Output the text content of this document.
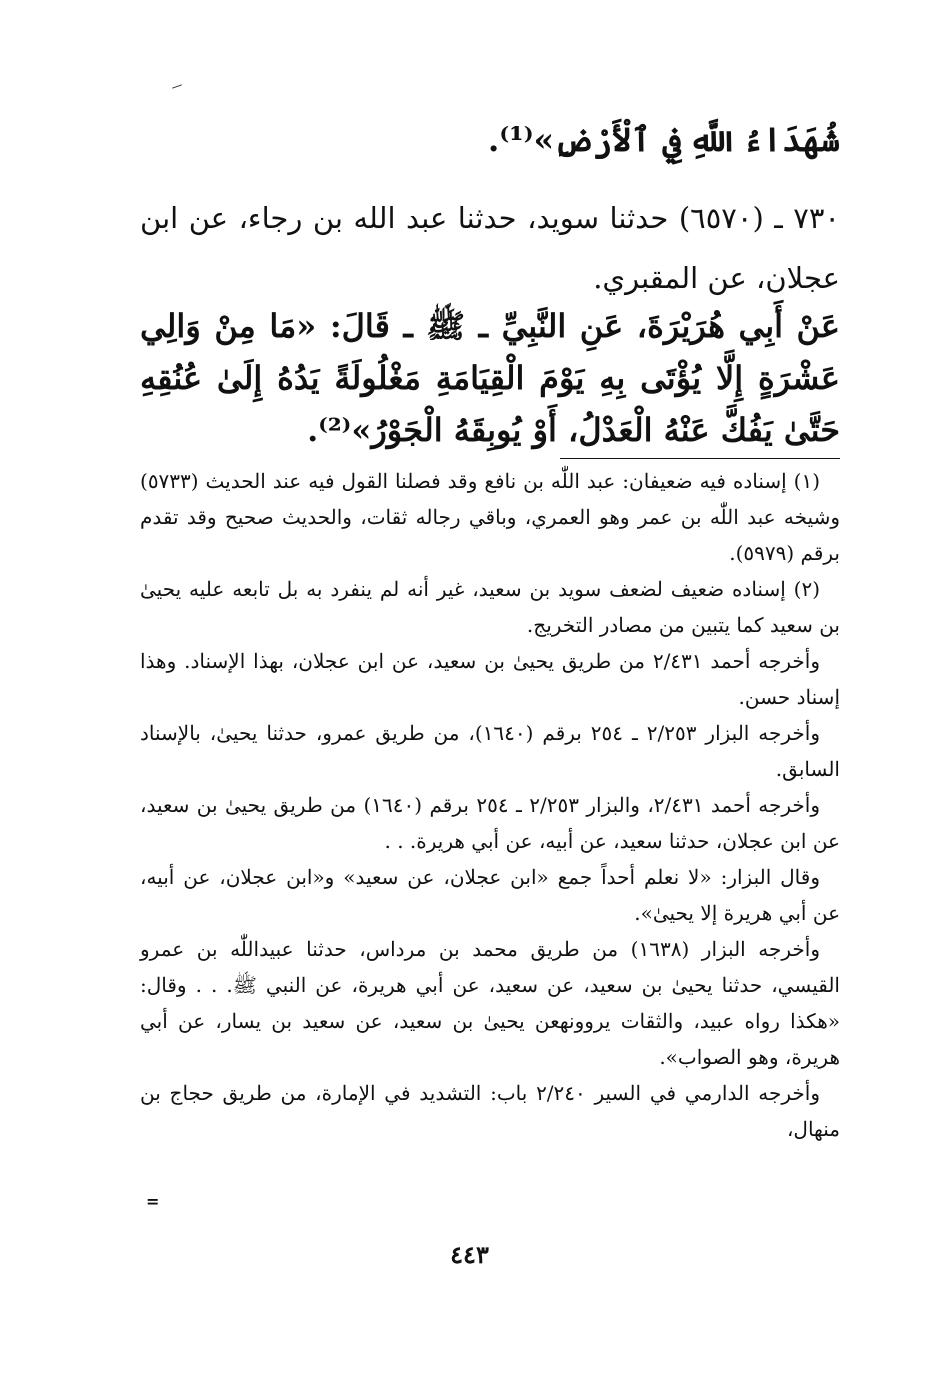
شُهَدَاءُ اللَّهِ فِي ٱلْأَرْضِ»⁽¹⁾.
٧٣٠ ـ (٦٥٧٠) حدثنا سويد، حدثنا عبد الله بن رجاء، عن ابن عجلان، عن المقبري.
عَنْ أَبِي هُرَيْرَةَ، عَنِ النَّبِيِّ ـ ﷺ ـ قَالَ: «مَا مِنْ وَالِي عَشْرَةٍ إِلَّا يُؤْتَى بِهِ يَوْمَ الْقِيَامَةِ مَغْلُولَةً يَدُهُ إِلَىٰ عُنُقِهِ حَتَّىٰ يَفُكَّ عَنْهُ الْعَدْلُ، أَوْ يُوبِقَهُ الْجَوْرُ»⁽²⁾.

(١) إسناده فيه ضعيفان: عبد اللّٰه بن نافع وقد فصلنا القول فيه عند الحديث (٥٧٣٣) وشيخه عبد اللّٰه بن عمر وهو العمري، وباقي رجاله ثقات، والحديث صحيح وقد تقدم برقم (٥٩٧٩).

(٢) إسناده ضعيف لضعف سويد بن سعيد، غير أنه لم ينفرد به بل تابعه عليه يحيىٰ بن سعيد كما يتبين من مصادر التخريج.

وأخرجه أحمد ٢/٤٣١ من طريق يحيىٰ بن سعيد، عن ابن عجلان، بهذا الإسناد. وهذا إسناد حسن.

وأخرجه البزار ٢/٢٥٣ ـ ٢٥٤ برقم (١٦٤٠)، من طريق عمرو، حدثنا يحيىٰ، بالإسناد السابق.

وأخرجه أحمد ٢/٤٣١، والبزار ٢/٢٥٣ ـ ٢٥٤ برقم (١٦٤٠) من طريق يحيىٰ بن سعيد، عن ابن عجلان، حدثنا سعيد، عن أبيه، عن أبي هريرة. . .

وقال البزار: «لا نعلم أحداً جمع «ابن عجلان، عن سعيد» و«ابن عجلان، عن أبيه، عن أبي هريرة إلا يحيىٰ».

وأخرجه البزار (١٦٣٨) من طريق محمد بن مرداس، حدثنا عبيداللّٰه بن عمرو القيسي، حدثنا يحيىٰ بن سعيد، عن سعيد، عن أبي هريرة، عن النبي ﷺ. . . وقال: «هكذا رواه عبيد، والثقات يروونهعن يحيىٰ بن سعيد، عن سعيد بن يسار، عن أبي هريرة، وهو الصواب».

وأخرجه الدارمي في السير ٢/٢٤٠ باب: التشديد في الإمارة، من طريق حجاج بن منهال،

=
٤٤٣
